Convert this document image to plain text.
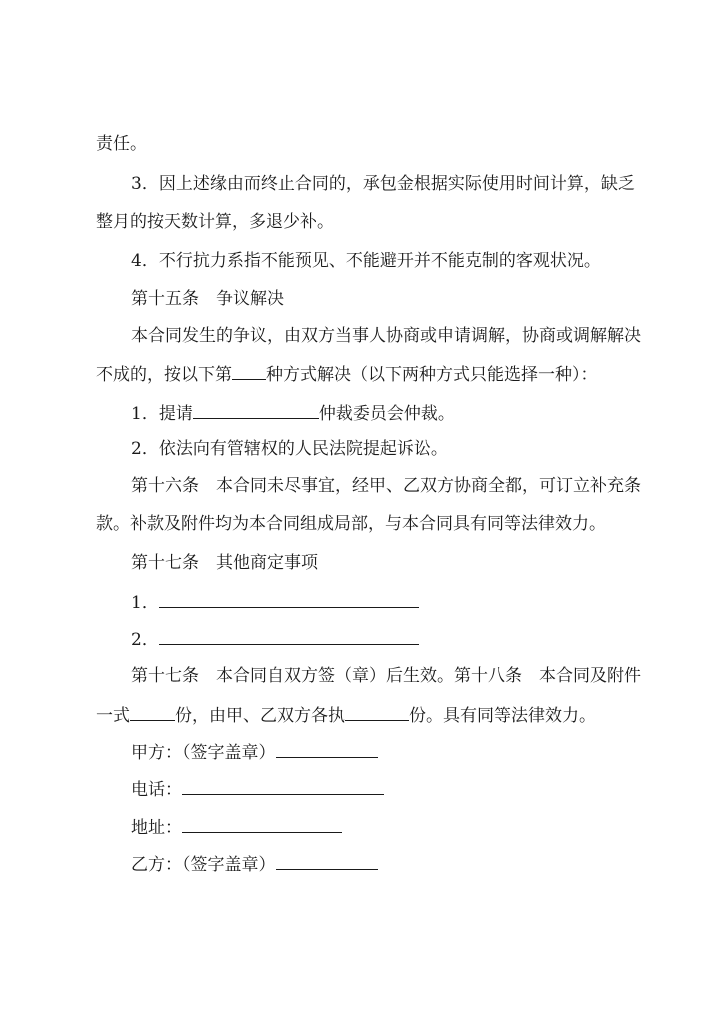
责任。
3．因上述缘由而终止合同的，承包金根据实际使用时间计算，缺乏
整月的按天数计算，多退少补。
4．不行抗力系指不能预见、不能避开并不能克制的客观状况。
第十五条　争议解决
本合同发生的争议，由双方当事人协商或申请调解，协商或调解解决
不成的，按以下第 种方式解决（以下两种方式只能选择一种）：
1．提请	仲裁委员会仲裁。
2．依法向有管辖权的人民法院提起诉讼。
第十六条　本合同未尽事宜，经甲、乙双方协商全都，可订立补充条
款。补款及附件均为本合同组成局部，与本合同具有同等法律效力。
第十七条　其他商定事项
1．
2．
第十七条　本合同自双方签（章）后生效。第十八条　本合同及附件
一式	份，由甲、乙双方各执	份。具有同等法律效力。
甲方：（签字盖章）
电话：
地址：
乙方：（签字盖章）
